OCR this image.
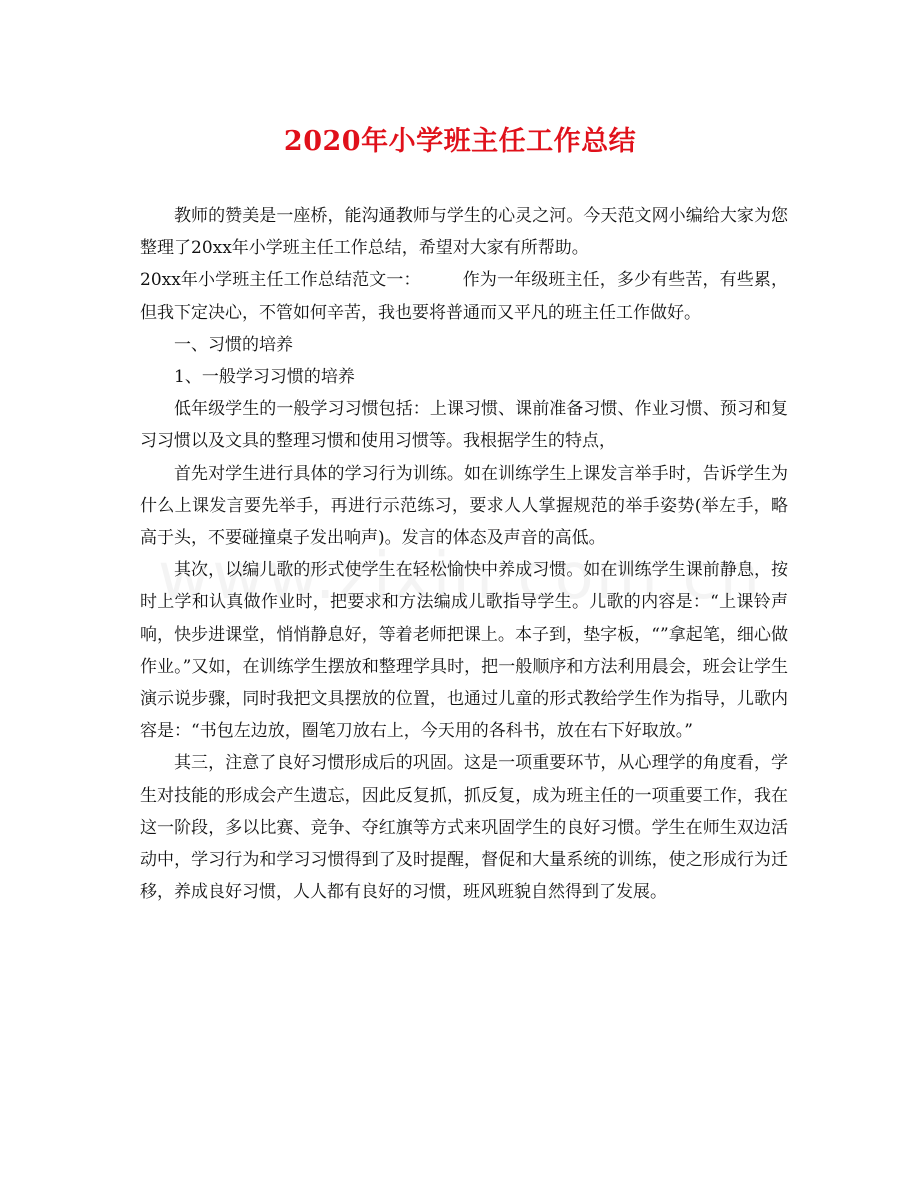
2020年小学班主任工作总结

教师的赞美是一座桥，能沟通教师与学生的心灵之河。今天范文网小编给大家为您整理了20xx年小学班主任工作总结，希望对大家有所帮助。

20xx年小学班主任工作总结范文一： 作为一年级班主任，多少有些苦，有些累，但我下定决心，不管如何辛苦，我也要将普通而又平凡的班主任工作做好。

一、习惯的培养

1、一般学习习惯的培养

低年级学生的一般学习习惯包括：上课习惯、课前准备习惯、作业习惯、预习和复习习惯以及文具的整理习惯和使用习惯等。我根据学生的特点，

首先对学生进行具体的学习行为训练。如在训练学生上课发言举手时，告诉学生为什么上课发言要先举手，再进行示范练习，要求人人掌握规范的举手姿势(举左手，略高于头，不要碰撞桌子发出响声)。发言的体态及声音的高低。

其次，以编儿歌的形式使学生在轻松愉快中养成习惯。如在训练学生课前静息，按时上学和认真做作业时，把要求和方法编成儿歌指导学生。儿歌的内容是：“上课铃声响，快步进课堂，悄悄静息好，等着老师把课上。本子到，垫字板，“”拿起笔，细心做作业。”又如，在训练学生摆放和整理学具时，把一般顺序和方法利用晨会，班会让学生演示说步骤，同时我把文具摆放的位置，也通过儿童的形式教给学生作为指导，儿歌内容是：“书包左边放，圈笔刀放右上，今天用的各科书，放在右下好取放。”

其三，注意了良好习惯形成后的巩固。这是一项重要环节，从心理学的角度看，学生对技能的形成会产生遗忘，因此反复抓，抓反复，成为班主任的一项重要工作，我在这一阶段，多以比赛、竞争、夺红旗等方式来巩固学生的良好习惯。学生在师生双边活动中，学习行为和学习习惯得到了及时提醒，督促和大量系统的训练，使之形成行为迁移，养成良好习惯，人人都有良好的习惯，班风班貌自然得到了发展。
